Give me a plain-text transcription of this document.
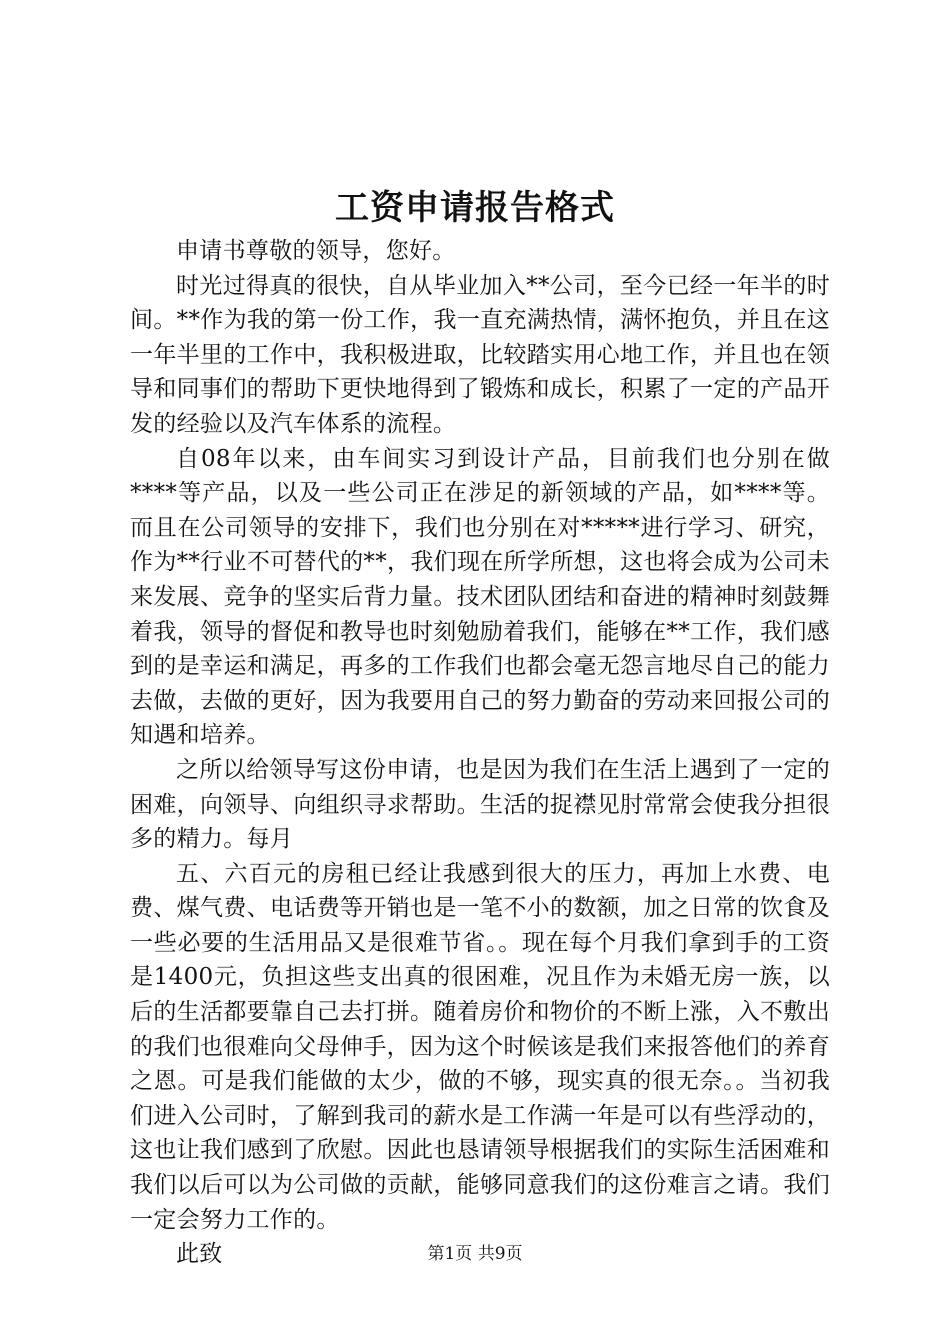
工资申请报告格式

申请书尊敬的领导，您好。

时光过得真的很快，自从毕业加入**公司，至今已经一年半的时间。**作为我的第一份工作，我一直充满热情，满怀抱负，并且在这一年半里的工作中，我积极进取，比较踏实用心地工作，并且也在领导和同事们的帮助下更快地得到了锻炼和成长，积累了一定的产品开发的经验以及汽车体系的流程。

自08年以来，由车间实习到设计产品，目前我们也分别在做****等产品，以及一些公司正在涉足的新领域的产品，如****等。而且在公司领导的安排下，我们也分别在对*****进行学习、研究，作为**行业不可替代的**，我们现在所学所想，这也将会成为公司未来发展、竞争的坚实后背力量。技术团队团结和奋进的精神时刻鼓舞着我，领导的督促和教导也时刻勉励着我们，能够在**工作，我们感到的是幸运和满足，再多的工作我们也都会毫无怨言地尽自己的能力去做，去做的更好，因为我要用自己的努力勤奋的劳动来回报公司的知遇和培养。

之所以给领导写这份申请，也是因为我们在生活上遇到了一定的困难，向领导、向组织寻求帮助。生活的捉襟见肘常常会使我分担很多的精力。每月

五、六百元的房租已经让我感到很大的压力，再加上水费、电费、煤气费、电话费等开销也是一笔不小的数额，加之日常的饮食及一些必要的生活用品又是很难节省。。现在每个月我们拿到手的工资是1400元，负担这些支出真的很困难，况且作为未婚无房一族，以后的生活都要靠自己去打拼。随着房价和物价的不断上涨，入不敷出的我们也很难向父母伸手，因为这个时候该是我们来报答他们的养育之恩。可是我们能做的太少，做的不够，现实真的很无奈。。当初我们进入公司时，了解到我司的薪水是工作满一年是可以有些浮动的，这也让我们感到了欣慰。因此也恳请领导根据我们的实际生活困难和我们以后可以为公司做的贡献，能够同意我们的这份难言之请。我们一定会努力工作的。

此致	第1页 共9页
